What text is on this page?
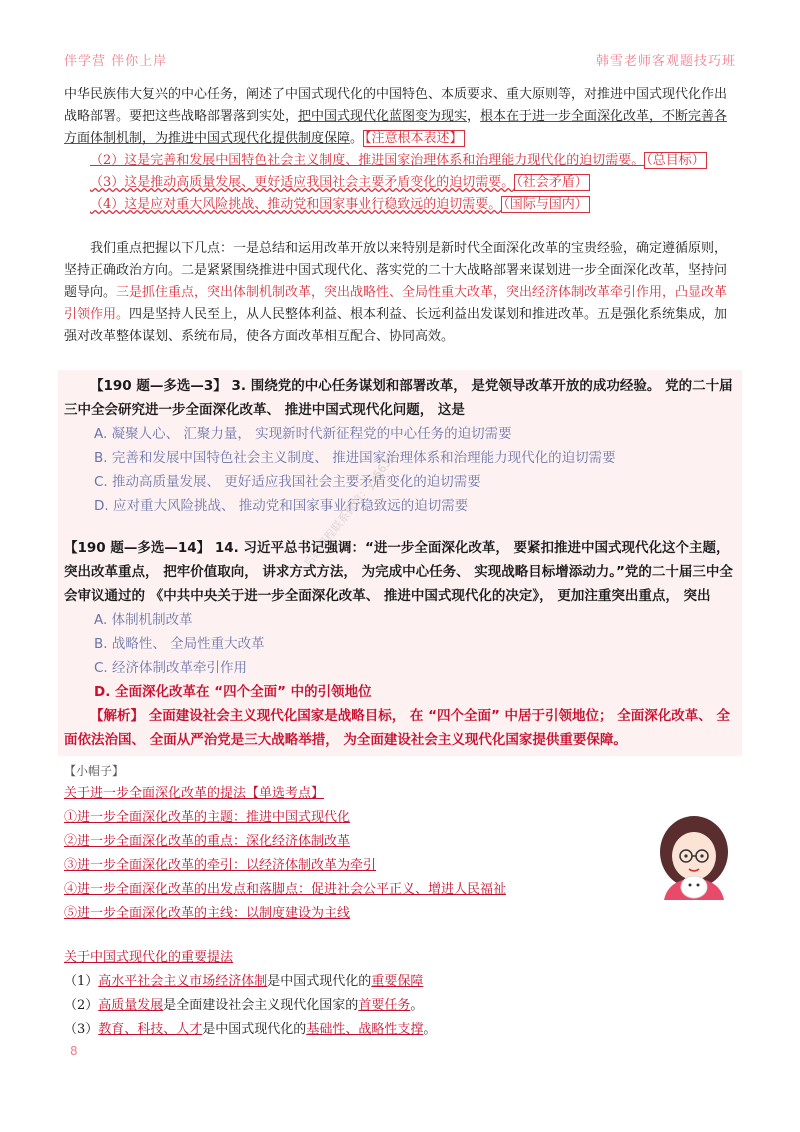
伴学营 伴你上岸	韩雪老师客观题技巧班

中华民族伟大复兴的中心任务，阐述了中国式现代化的中国特色、本质要求、重大原则等，对推进中国式现代化作出战略部署。要把这些战略部署落到实处，把中国式现代化蓝图变为现实，根本在于进一步全面深化改革，不断完善各方面体制机制，为推进中国式现代化提供制度保障。 【注意根本表述】

（2）这是完善和发展中国特色社会主义制度、推进国家治理体系和治理能力现代化的迫切需要。 （总目标）

（3）这是推动高质量发展、更好适应我国社会主要矛盾变化的迫切需要。 （社会矛盾）

（4）这是应对重大风险挑战、推动党和国家事业行稳致远的迫切需要。 （国际与国内）

我们重点把握以下几点：一是总结和运用改革开放以来特别是新时代全面深化改革的宝贵经验，确定遵循原则，坚持正确政治方向。二是紧紧围绕推进中国式现代化、落实党的二十大战略部署来谋划进一步全面深化改革，坚持问题导向。三是抓住重点，突出体制机制改革，突出战略性、全局性重大改革，突出经济体制改革牵引作用，凸显改革引领作用。四是坚持人民至上，从人民整体利益、根本利益、长远利益出发谋划和推进改革。五是强化系统集成，加强对改革整体谋划、系统布局，使各方面改革相互配合、协同高效。

【190 题—多选—3】 3. 围绕党的中心任务谋划和部署改革， 是党领导改革开放的成功经验。 党的二十届三中全会研究进一步全面深化改革、 推进中国式现代化问题， 这是

A. 凝聚人心、 汇聚力量， 实现新时代新征程党的中心任务的迫切需要

B. 完善和发展中国特色社会主义制度、 推进国家治理体系和治理能力现代化的迫切需要

C. 推动高质量发展、 更好适应我国社会主要矛盾变化的迫切需要

D. 应对重大风险挑战、 推动党和国家事业行稳致远的迫切需要

【190 题—多选—14】 14. 习近平总书记强调：“进一步全面深化改革， 要紧扣推进中国式现代化这个主题， 突出改革重点， 把牢价值取向， 讲求方式方法， 为完成中心任务、 实现战略目标增添动力。”党的二十届三中全会审议通过的 《中共中央关于进一步全面深化改革、 推进中国式现代化的决定》， 更加注重突出重点， 突出

A. 体制机制改革

B. 战略性、 全局性重大改革

C. 经济体制改革牵引作用

D. 全面深化改革在 “四个全面” 中的引领地位

【解析】 全面建设社会主义现代化国家是战略目标， 在 “四个全面” 中居于引领地位； 全面深化改革、 全面依法治国、 全面从严治党是三大战略举措， 为全面建设社会主义现代化国家提供重要保障。

【小帽子】
关于进一步全面深化改革的提法【单选考点】
①进一步全面深化改革的主题：推进中国式现代化
②进一步全面深化改革的重点：深化经济体制改革
③进一步全面深化改革的牵引：以经济体制改革为牵引
④进一步全面深化改革的出发点和落脚点：促进社会公平正义、增进人民福祉
⑤进一步全面深化改革的主线：以制度建设为主线
关于中国式现代化的重要提法
（1）高水平社会主义市场经济体制是中国式现代化的重要保障
（2）高质量发展是全面建设社会主义现代化国家的首要任务。
（3）教育、科技、人才是中国式现代化的基础性、战略性支撑。
后续课程联系微信：yy5630
8
